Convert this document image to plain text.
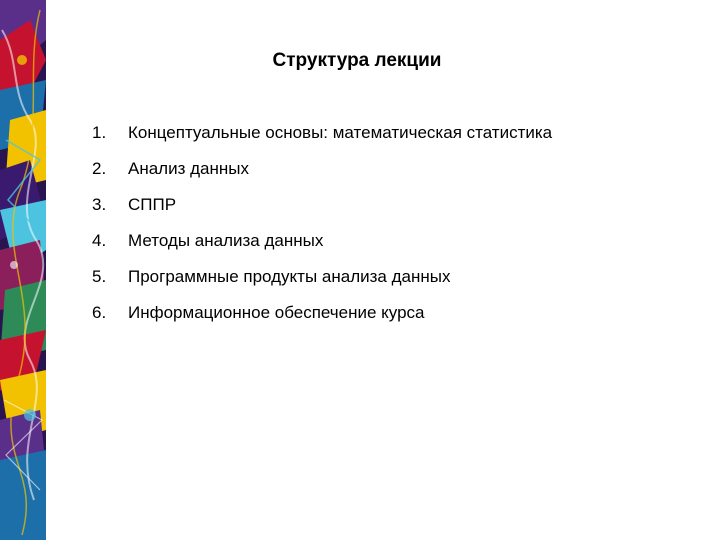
Структура лекции
1.	Концептуальные основы: математическая статистика
2.	Анализ данных
3.	СППР
4.	Методы анализа данных
5.	Программные продукты анализа данных
6.	Информационное обеспечение курса
